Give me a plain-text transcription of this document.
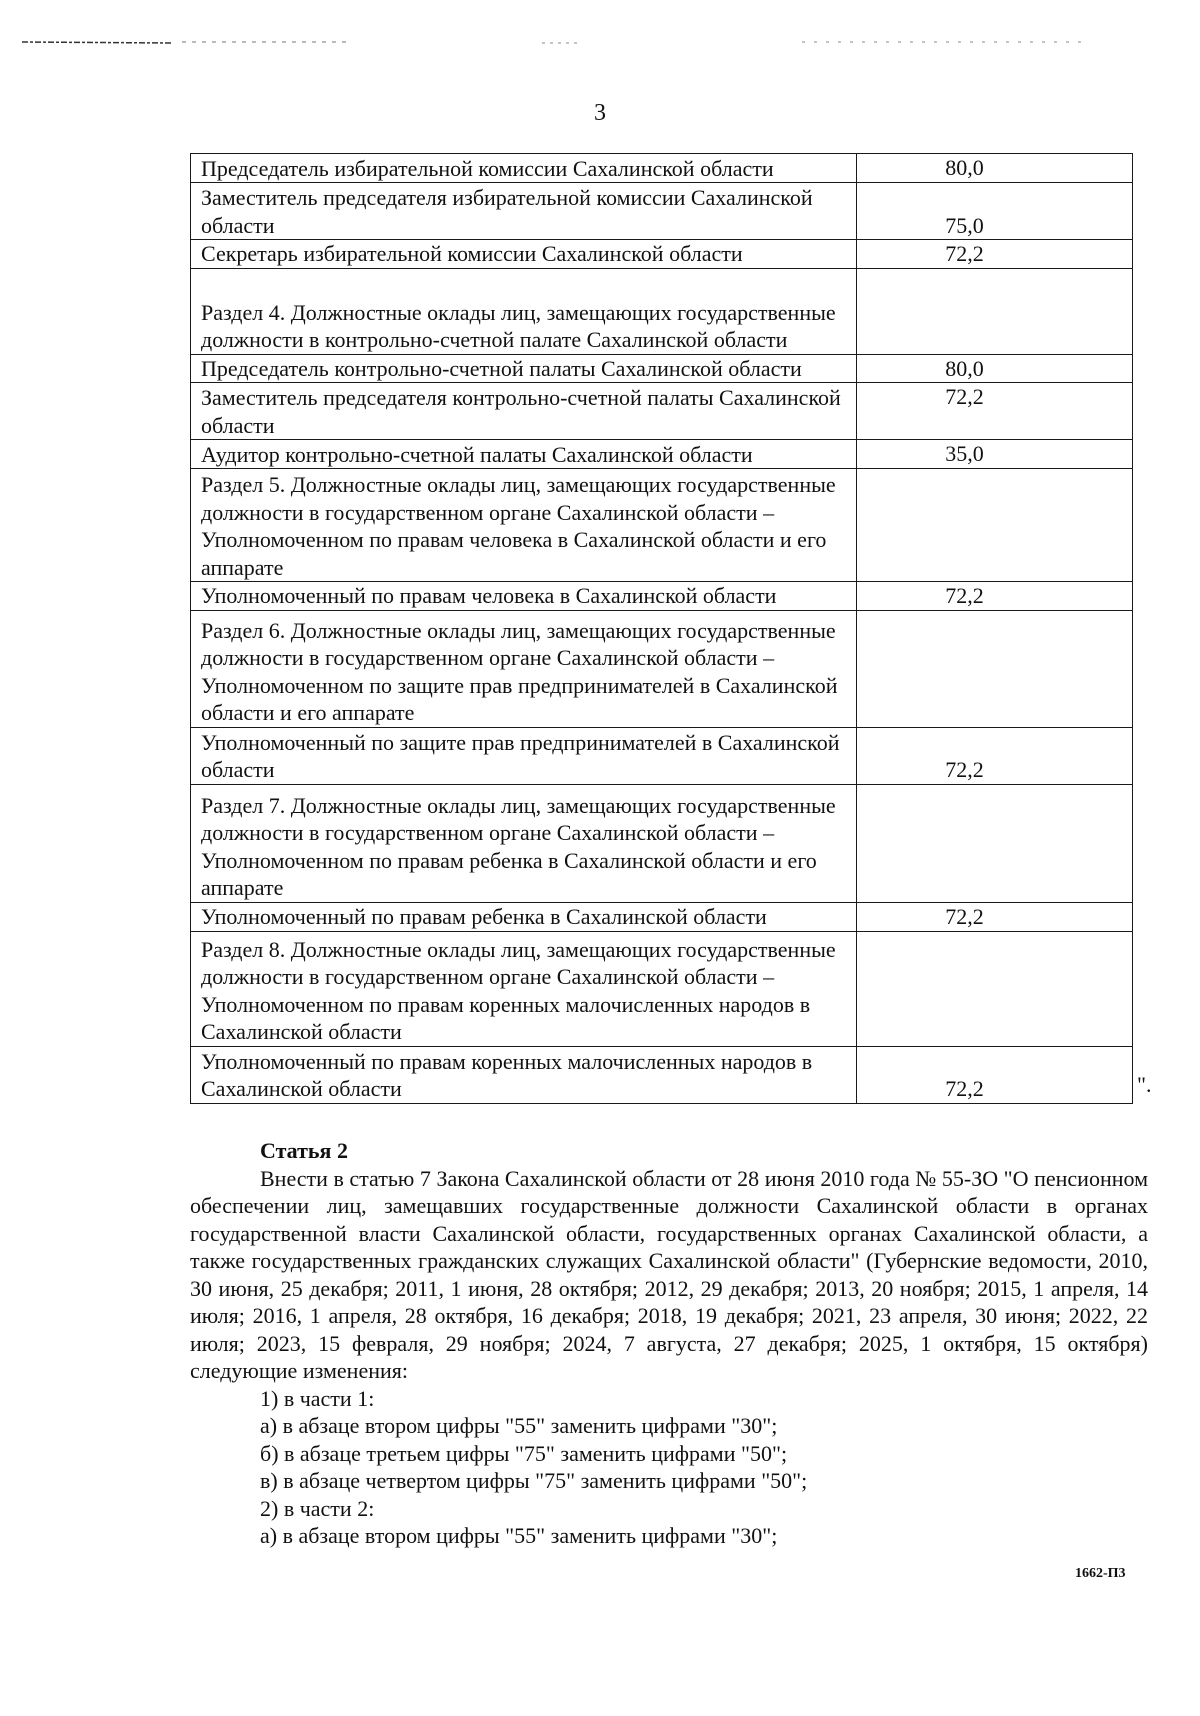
3
Председатель избирательной комиссии Сахалинской области	80,0
Заместитель председателя избирательной комиссии Сахалинской области	75,0
Секретарь избирательной комиссии Сахалинской области	72,2
Раздел 4. Должностные оклады лиц, замещающих государственные должности в контрольно-счетной палате Сахалинской области	
Председатель контрольно-счетной палаты Сахалинской области	80,0
Заместитель председателя контрольно-счетной палаты Сахалинской области	72,2
Аудитор контрольно-счетной палаты Сахалинской области	35,0
Раздел 5. Должностные оклады лиц, замещающих государственные должности в государственном органе Сахалинской области – Уполномоченном по правам человека в Сахалинской области и его аппарате	
Уполномоченный по правам человека в Сахалинской области	72,2
Раздел 6. Должностные оклады лиц, замещающих государственные должности в государственном органе Сахалинской области – Уполномоченном по защите прав предпринимателей в Сахалинской области и его аппарате	
Уполномоченный по защите прав предпринимателей в Сахалинской области	72,2
Раздел 7. Должностные оклады лиц, замещающих государственные должности в государственном органе Сахалинской области – Уполномоченном по правам ребенка в Сахалинской области и его аппарате	
Уполномоченный по правам ребенка в Сахалинской области	72,2
Раздел 8. Должностные оклады лиц, замещающих государственные должности в государственном органе Сахалинской области – Уполномоченном по правам коренных малочисленных народов в Сахалинской области	
Уполномоченный по правам коренных малочисленных народов в Сахалинской области	72,2	".

Статья 2

Внести в статью 7 Закона Сахалинской области от 28 июня 2010 года № 55-ЗО "О пенсионном обеспечении лиц, замещавших государственные должности Сахалинской области в органах государственной власти Сахалинской области, государственных органах Сахалинской области, а также государственных гражданских служащих Сахалинской области" (Губернские ведомости, 2010, 30 июня, 25 декабря; 2011, 1 июня, 28 октября; 2012, 29 декабря; 2013, 20 ноября; 2015, 1 апреля, 14 июля; 2016, 1 апреля, 28 октября, 16 декабря; 2018, 19 декабря; 2021, 23 апреля, 30 июня; 2022, 22 июля; 2023, 15 февраля, 29 ноября; 2024, 7 августа, 27 декабря; 2025, 1 октября, 15 октября) следующие изменения:

1) в части 1:

а) в абзаце втором цифры "55" заменить цифрами "30";

б) в абзаце третьем цифры "75" заменить цифрами "50";

в) в абзаце четвертом цифры "75" заменить цифрами "50";

2) в части 2:

а) в абзаце втором цифры "55" заменить цифрами "30";

1662-П3
